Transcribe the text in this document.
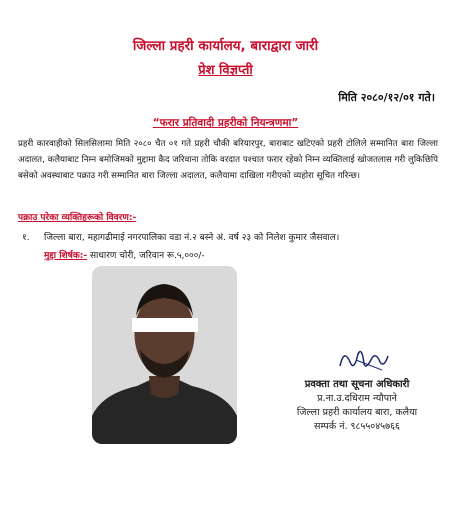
जिल्ला प्रहरी कार्यालय, बाराद्वारा जारी
प्रेश विज्ञप्ती
मिति २०८०/१२/०१ गते।
“फरार प्रतिवादी प्रहरीको नियन्त्रणमा”
प्रहरी कारवाहीको सिलसिलामा मिति २०८० चैत ०१ गते प्रहरी चौकी बरियारपुर, बाराबाट खटिएको प्रहरी टोलिले सम्मानित बारा जिल्ला अदालत, कलैयाबाट निम्न बमोजिमको मुद्दामा कैद जरिवाना तोकि वरदात पश्चात फरार रहेको निम्न व्यक्तिलाई खोजतलास गरी लुकिछिपि बसेको अवस्थाबाट पक्राउ गरी सम्मानित बारा जिल्ला अदालत, कलैयामा दाखिला गरीएको व्यहोरा सूचित गरिन्छ।
पक्राउ परेका व्यक्तिहरूको विवरण:-
१. जिल्ला बारा, महागढीमाई नगरपालिका वडा नं.२ बस्ने अं. वर्ष २३ को निलेश कुमार जैसवाल।
मुद्दा शिर्षक:- साधारण चोरी, जरिवान रू.५,०००/-
प्रवक्ता तथा सूचना अधिकारी
प्र.ना.उ.दधिराम न्यौपाने
जिल्ला प्रहरी कार्यालय बारा, कलैया
सम्पर्क नं. ९८५५०४५७६६
